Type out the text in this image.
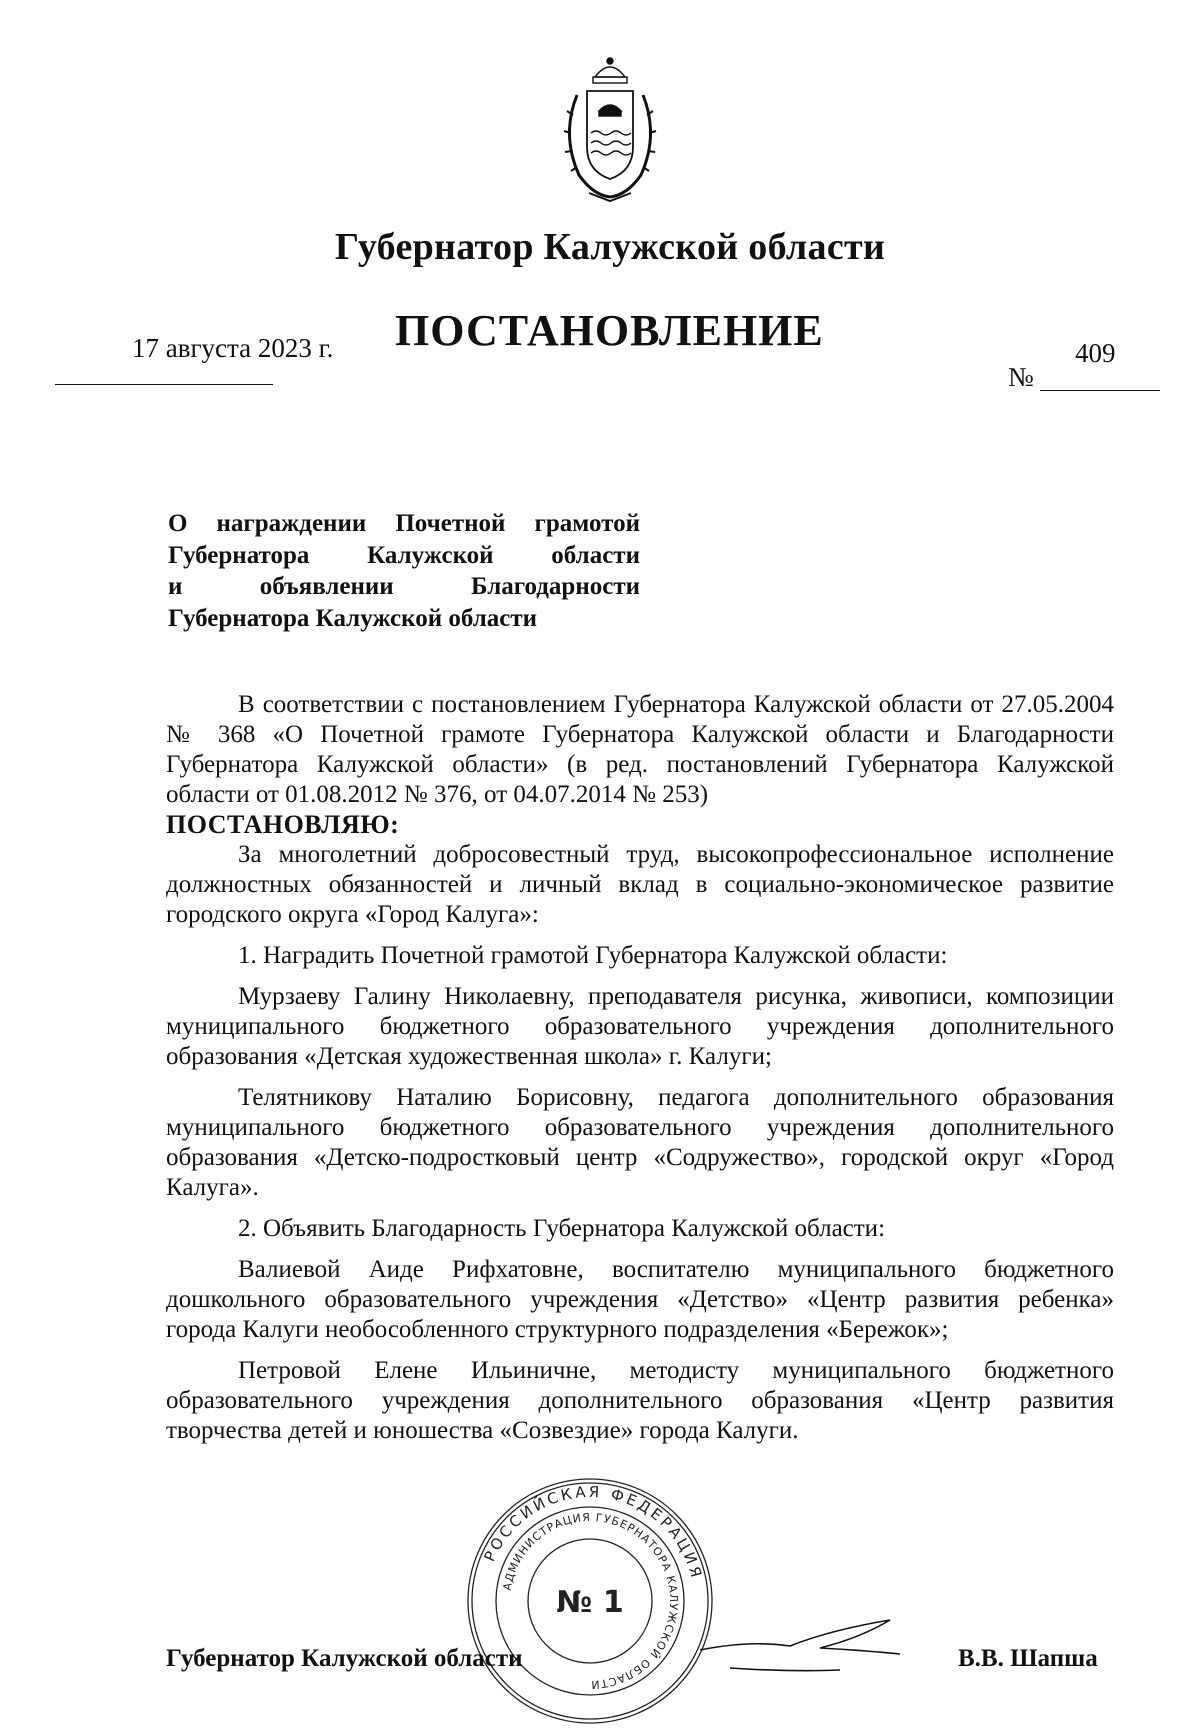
Губернатор Калужской области
ПОСТАНОВЛЕНИЕ
17 августа 2023 г.
№
409
О награждении Почетной грамотой
Губернатора Калужской области
и объявлении Благодарности
Губернатора Калужской области

В соответствии с постановлением Губернатора Калужской области от 27.05.2004 № 368 «О Почетной грамоте Губернатора Калужской области и Благодарности Губернатора Калужской области» (в ред. постановлений Губернатора Калужской области от 01.08.2012 № 376, от 04.07.2014 № 253)

ПОСТАНОВЛЯЮ:

За многолетний добросовестный труд, высокопрофессиональное исполнение должностных обязанностей и личный вклад в социально-экономическое развитие городского округа «Город Калуга»:

1. Наградить Почетной грамотой Губернатора Калужской области:

Мурзаеву Галину Николаевну, преподавателя рисунка, живописи, композиции муниципального бюджетного образовательного учреждения дополнительного образования «Детская художественная школа» г. Калуги;

Телятникову Наталию Борисовну, педагога дополнительного образования муниципального бюджетного образовательного учреждения дополнительного образования «Детско-подростковый центр «Содружество», городской округ «Город Калуга».

2. Объявить Благодарность Губернатора Калужской области:

Валиевой Аиде Рифхатовне, воспитателю муниципального бюджетного дошкольного образовательного учреждения «Детство» «Центр развития ребенка» города Калуги необособленного структурного подразделения «Бережок»;

Петровой Елене Ильиничне, методисту муниципального бюджетного образовательного учреждения дополнительного образования «Центр развития творчества детей и юношества «Созвездие» города Калуги.

РОССИЙСКАЯ ФЕДЕРАЦИЯ
АДМИНИСТРАЦИЯ ГУБЕРНАТОРА КАЛУЖСКОЙ ОБЛАСТИ
№ 1
Губернатор Калужской области	В.В. Шапша
